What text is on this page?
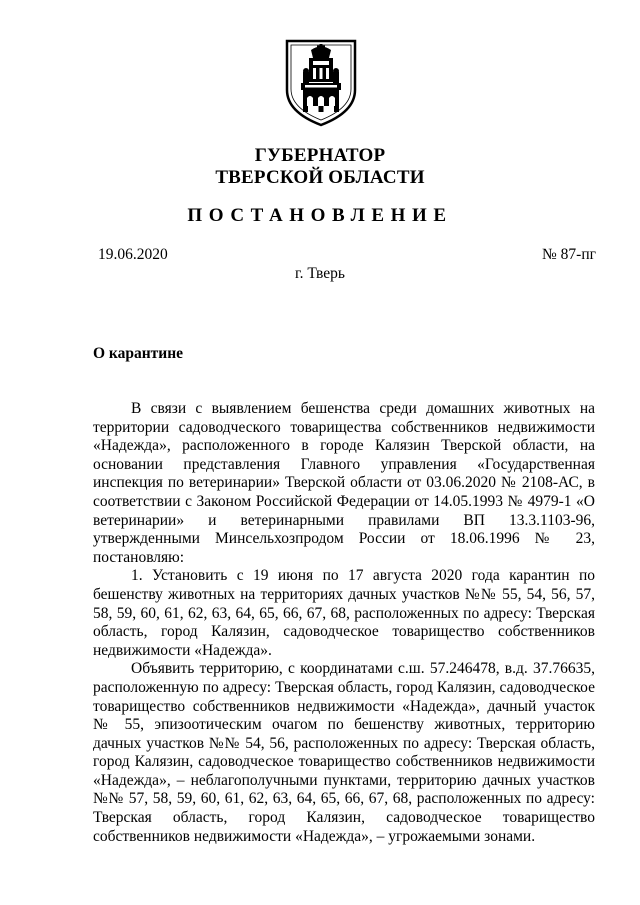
ГУБЕРНАТОР
ТВЕРСКОЙ ОБЛАСТИ
ПОСТАНОВЛЕНИЕ
19.06.2020	№ 87-пг
г. Тверь
О карантине

В связи с выявлением бешенства среди домашних животных на территории садоводческого товарищества собственников недвижимости «Надежда», расположенного в городе Калязин Тверской области, на основании представления Главного управления «Государственная инспекция по ветеринарии» Тверской области от 03.06.2020 № 2108-АС, в соответствии с Законом Российской Федерации от 14.05.1993 № 4979-1 «О ветеринарии» и ветеринарными правилами ВП 13.3.1103-96, утвержденными Минсельхозпродом России от 18.06.1996 № 23, постановляю:

1. Установить с 19 июня по 17 августа 2020 года карантин по бешенству животных на территориях дачных участков №№ 55, 54, 56, 57, 58, 59, 60, 61, 62, 63, 64, 65, 66, 67, 68, расположенных по адресу: Тверская область, город Калязин, садоводческое товарищество собственников недвижимости «Надежда».

Объявить территорию, с координатами с.ш. 57.246478, в.д. 37.76635, расположенную по адресу: Тверская область, город Калязин, садоводческое товарищество собственников недвижимости «Надежда», дачный участок № 55, эпизоотическим очагом по бешенству животных, территорию дачных участков №№ 54, 56, расположенных по адресу: Тверская область, город Калязин, садоводческое товарищество собственников недвижимости «Надежда», – неблагополучными пунктами, территорию дачных участков №№ 57, 58, 59, 60, 61, 62, 63, 64, 65, 66, 67, 68, расположенных по адресу: Тверская область, город Калязин, садоводческое товарищество собственников недвижимости «Надежда», – угрожаемыми зонами.
